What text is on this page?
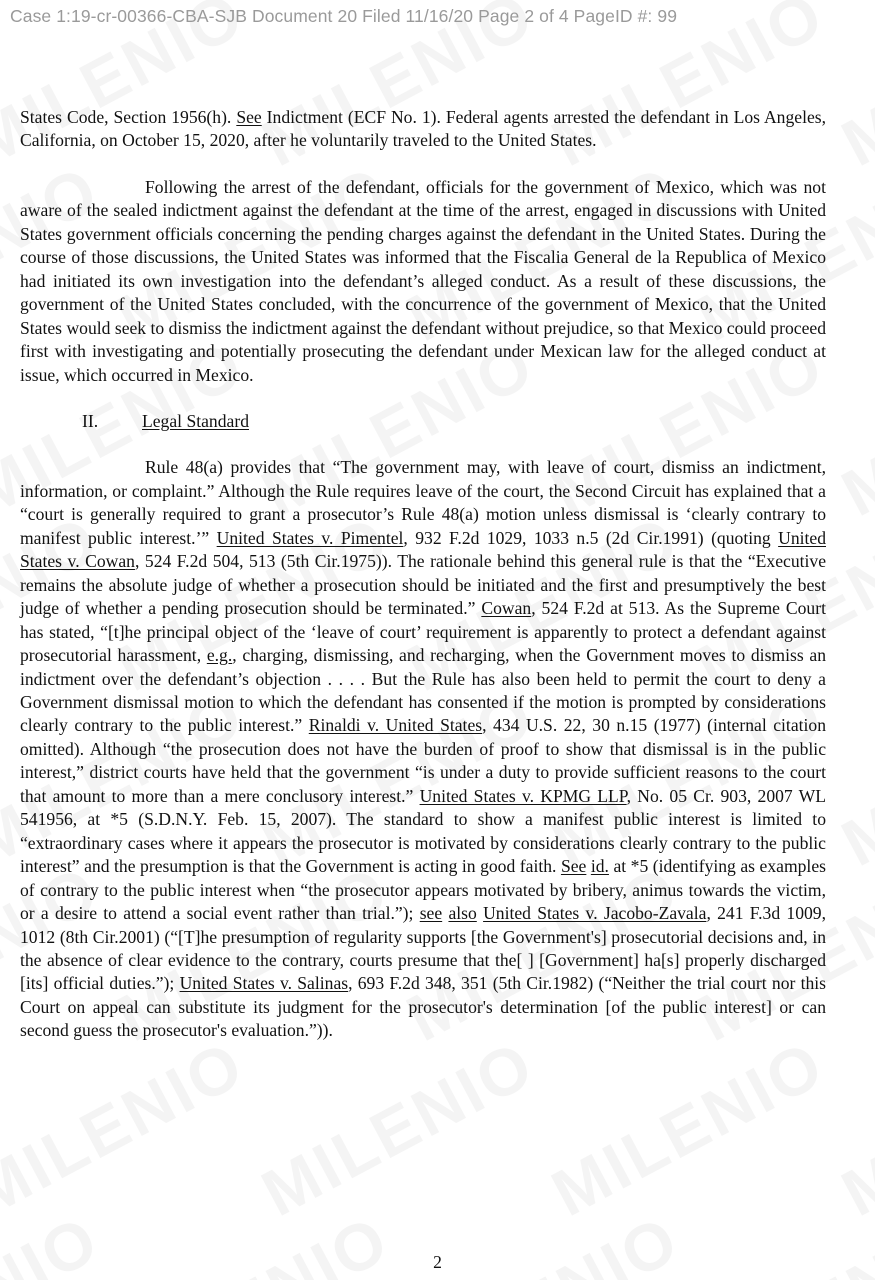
Case 1:19-cr-00366-CBA-SJB Document 20 Filed 11/16/20 Page 2 of 4 PageID #: 99

States Code, Section 1956(h). See Indictment (ECF No. 1). Federal agents arrested the defendant in Los Angeles, California, on October 15, 2020, after he voluntarily traveled to the United States.

Following the arrest of the defendant, officials for the government of Mexico, which was not aware of the sealed indictment against the defendant at the time of the arrest, engaged in discussions with United States government officials concerning the pending charges against the defendant in the United States. During the course of those discussions, the United States was informed that the Fiscalia General de la Republica of Mexico had initiated its own investigation into the defendant’s alleged conduct. As a result of these discussions, the government of the United States concluded, with the concurrence of the government of Mexico, that the United States would seek to dismiss the indictment against the defendant without prejudice, so that Mexico could proceed first with investigating and potentially prosecuting the defendant under Mexican law for the alleged conduct at issue, which occurred in Mexico.

II. Legal Standard

Rule 48(a) provides that “The government may, with leave of court, dismiss an indictment, information, or complaint.” Although the Rule requires leave of the court, the Second Circuit has explained that a “court is generally required to grant a prosecutor’s Rule 48(a) motion unless dismissal is ‘clearly contrary to manifest public interest.’” United States v. Pimentel, 932 F.2d 1029, 1033 n.5 (2d Cir.1991) (quoting United States v. Cowan, 524 F.2d 504, 513 (5th Cir.1975)). The rationale behind this general rule is that the “Executive remains the absolute judge of whether a prosecution should be initiated and the first and presumptively the best judge of whether a pending prosecution should be terminated.” Cowan, 524 F.2d at 513. As the Supreme Court has stated, “[t]he principal object of the ‘leave of court’ requirement is apparently to protect a defendant against prosecutorial harassment, e.g., charging, dismissing, and recharging, when the Government moves to dismiss an indictment over the defendant’s objection . . . . But the Rule has also been held to permit the court to deny a Government dismissal motion to which the defendant has consented if the motion is prompted by considerations clearly contrary to the public interest.” Rinaldi v. United States, 434 U.S. 22, 30 n.15 (1977) (internal citation omitted). Although “the prosecution does not have the burden of proof to show that dismissal is in the public interest,” district courts have held that the government “is under a duty to provide sufficient reasons to the court that amount to more than a mere conclusory interest.” United States v. KPMG LLP, No. 05 Cr. 903, 2007 WL 541956, at *5 (S.D.N.Y. Feb. 15, 2007). The standard to show a manifest public interest is limited to “extraordinary cases where it appears the prosecutor is motivated by considerations clearly contrary to the public interest” and the presumption is that the Government is acting in good faith. See id. at *5 (identifying as examples of contrary to the public interest when “the prosecutor appears motivated by bribery, animus towards the victim, or a desire to attend a social event rather than trial.”); see also United States v. Jacobo-Zavala, 241 F.3d 1009, 1012 (8th Cir.2001) (“[T]he presumption of regularity supports [the Government's] prosecutorial decisions and, in the absence of clear evidence to the contrary, courts presume that the[ ] [Government] ha[s] properly discharged [its] official duties.”); United States v. Salinas, 693 F.2d 348, 351 (5th Cir.1982) (“Neither the trial court nor this Court on appeal can substitute its judgment for the prosecutor's determination [of the public interest] or can second guess the prosecutor's evaluation.”)).

2
